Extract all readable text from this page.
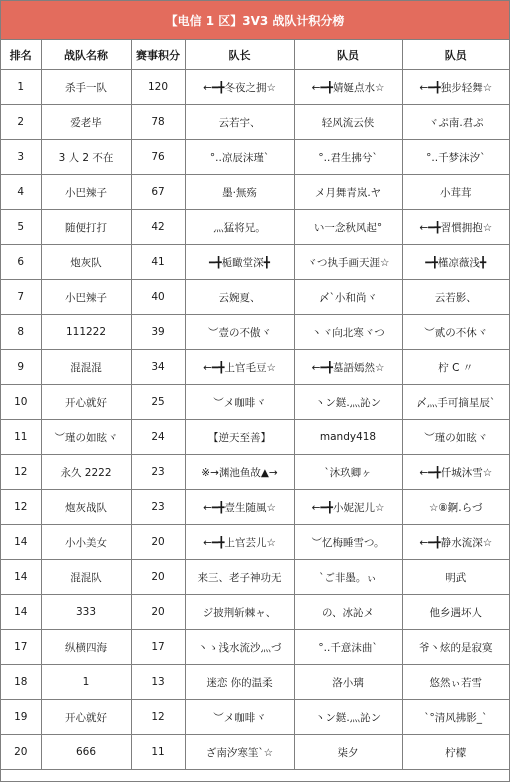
【电信 1 区】3V3 战队计积分榜
排名	战队名称	赛事积分	队长	队员	队员
1	杀手一队	120	←━╋冬夜之拥☆	←━╋婧娫点水☆	←━╋独步轻舞☆
2	爱老毕	78	云若宇、	轻风流云侠	ヾぷ南.君ぷ
3	3 人 2 不在	76	°..凉辰沫瑾ˋ	°..君生拂兮ˋ	°..千梦沫汐ˋ
4	小巴辣子	67	墨·無殇	メ月舞青岚.ヤ	小茸茸
5	随便打打	42	灬猛将兄。	い一念秋风起°	←━╋習慣拥抱☆
6	炮灰队	41	━╋栀瞰堂深╋	ヾつ执手画天涯☆	━╋槿凉薇浅╋
7	小巴辣子	40	云婉夏、	〆ˋ小和尚ヾ	云若影、
8	111222	39	︶壹の不傲ヾ	丶ヾ向北寒ヾつ	︶贰の不休ヾ
9	混混混	34	←━╋上官毛豆☆	←━╋墓語嫣然☆	柠 C 〃
10	开心就好	25	︶メ咖啡ヾ	丶ン鎹.灬訫ン	〆灬手可摘星辰ˋ
11	︶瑾の如眩ヾ	24	【逆天至善】	mandy418	︶瑾の如眩ヾ
12	永久 2222	23	※→渊池鱼故▲→	ˋ沐玖卿ヶ	←━╋仟城沐雪☆
12	炮灰战队	23	←━╋壹生随風☆	←━╋小妮泥儿☆	☆⑧錒.らづ
14	小小美女	20	←━╋上官芸儿☆	︶忆梅睡雪つ。	←━╋静水流深☆
14	混混队	20	来三、老子神功无	ˋご非墨。ぃ	明武
14	333	20	ジ披荆斩棘ャ、	の、冰訫メ	他乡遇坏人
17	纵横四海	17	丶ゝ浅水流沙灬づ	°..千意沫曲ˋ	爷丶炫的是寂寞
18	1	13	迷恋 你的温柔	洛小璃	悠然ぃ若雪
19	开心就好	12	︶メ咖啡ヾ	丶ン鎹.灬訫ン	ˋ°清风拂影_ˋ
20	666	11	ざ南汐寒筀ˋ☆	柒夕	柠檬
